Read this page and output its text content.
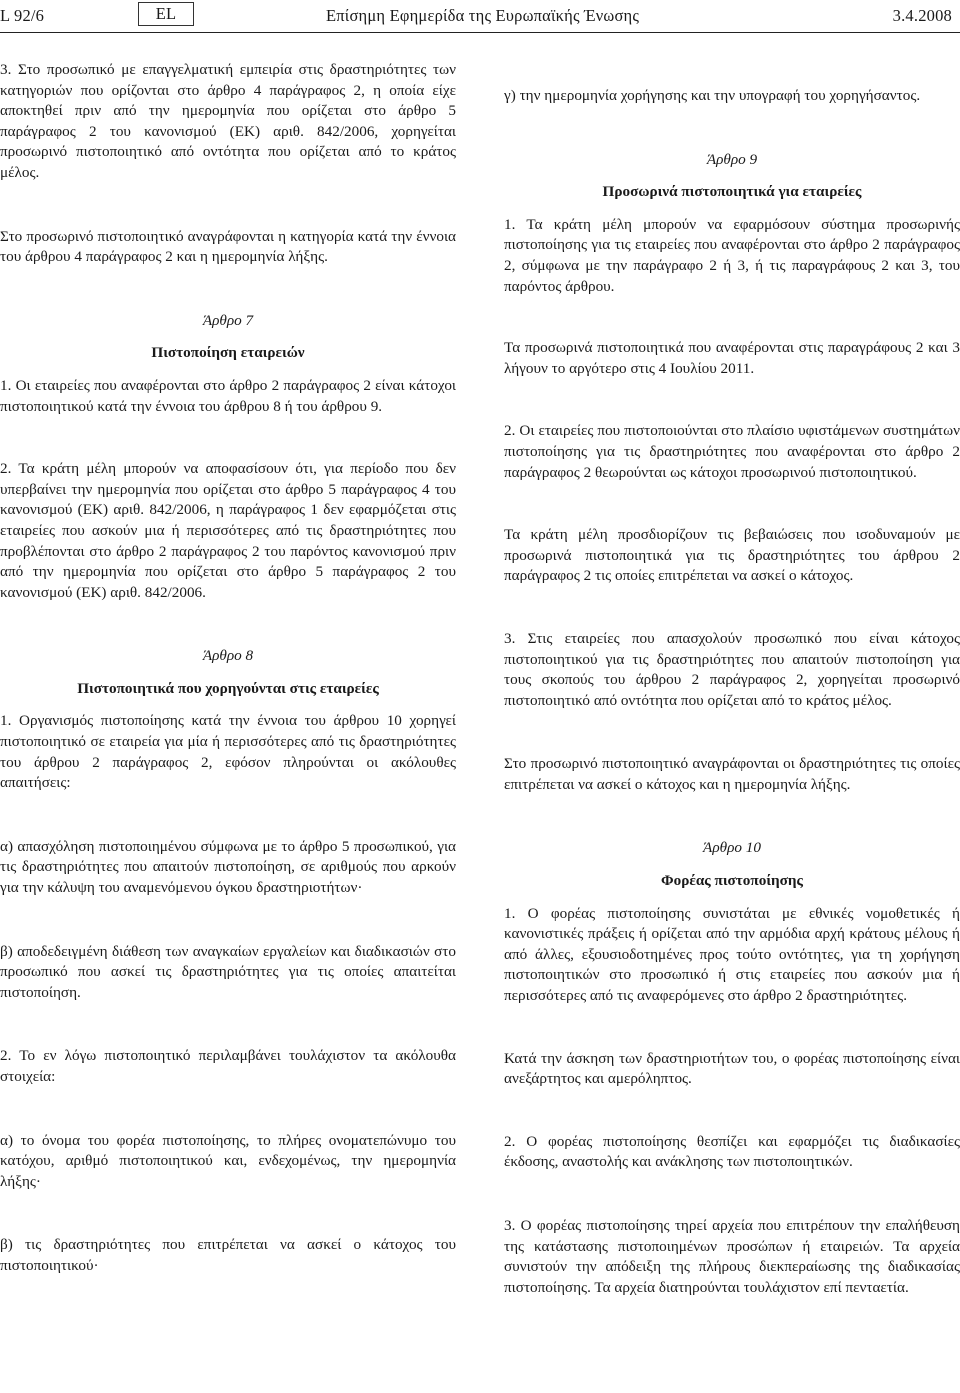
L 92/6	EL	Επίσημη Εφημερίδα της Ευρωπαϊκής Ένωσης	3.4.2008

3. Στο προσωπικό με επαγγελματική εμπειρία στις δραστηριότητες των κατηγοριών που ορίζονται στο άρθρο 4 παράγραφος 2, η οποία είχε αποκτηθεί πριν από την ημερομηνία που ορίζεται στο άρθρο 5 παράγραφος 2 του κανονισμού (ΕΚ) αριθ. 842/2006, χορηγείται προσωρινό πιστοποιητικό από οντότητα που ορίζεται από το κράτος μέλος.

Στο προσωρινό πιστοποιητικό αναγράφονται η κατηγορία κατά την έννοια του άρθρου 4 παράγραφος 2 και η ημερομηνία λήξης.

Άρθρο 7

Πιστοποίηση εταιρειών

1. Οι εταιρείες που αναφέρονται στο άρθρο 2 παράγραφος 2 είναι κάτοχοι πιστοποιητικού κατά την έννοια του άρθρου 8 ή του άρθρου 9.

2. Τα κράτη μέλη μπορούν να αποφασίσουν ότι, για περίοδο που δεν υπερβαίνει την ημερομηνία που ορίζεται στο άρθρο 5 παράγραφος 4 του κανονισμού (ΕΚ) αριθ. 842/2006, η παράγραφος 1 δεν εφαρμόζεται στις εταιρείες που ασκούν μια ή περισσότερες από τις δραστηριότητες που προβλέπονται στο άρθρο 2 παράγραφος 2 του παρόντος κανονισμού πριν από την ημερομηνία που ορίζεται στο άρθρο 5 παράγραφος 2 του κανονισμού (ΕΚ) αριθ. 842/2006.

Άρθρο 8

Πιστοποιητικά που χορηγούνται στις εταιρείες

1. Οργανισμός πιστοποίησης κατά την έννοια του άρθρου 10 χορηγεί πιστοποιητικό σε εταιρεία για μία ή περισσότερες από τις δραστηριότητες του άρθρου 2 παράγραφος 2, εφόσον πληρούνται οι ακόλουθες απαιτήσεις:

α) απασχόληση πιστοποιημένου σύμφωνα με το άρθρο 5 προσωπικού, για τις δραστηριότητες που απαιτούν πιστοποίηση, σε αριθμούς που αρκούν για την κάλυψη του αναμενόμενου όγκου δραστηριοτήτων·

β) αποδεδειγμένη διάθεση των αναγκαίων εργαλείων και διαδικασιών στο προσωπικό που ασκεί τις δραστηριότητες για τις οποίες απαιτείται πιστοποίηση.

2. Το εν λόγω πιστοποιητικό περιλαμβάνει τουλάχιστον τα ακόλουθα στοιχεία:

α) το όνομα του φορέα πιστοποίησης, το πλήρες ονοματεπώνυμο του κατόχου, αριθμό πιστοποιητικού και, ενδεχομένως, την ημερομηνία λήξης·

β) τις δραστηριότητες που επιτρέπεται να ασκεί ο κάτοχος του πιστοποιητικού·

γ) την ημερομηνία χορήγησης και την υπογραφή του χορηγήσαντος.

Άρθρο 9

Προσωρινά πιστοποιητικά για εταιρείες

1. Τα κράτη μέλη μπορούν να εφαρμόσουν σύστημα προσωρινής πιστοποίησης για τις εταιρείες που αναφέρονται στο άρθρο 2 παράγραφος 2, σύμφωνα με την παράγραφο 2 ή 3, ή τις παραγράφους 2 και 3, του παρόντος άρθρου.

Τα προσωρινά πιστοποιητικά που αναφέρονται στις παραγράφους 2 και 3 λήγουν το αργότερο στις 4 Ιουλίου 2011.

2. Οι εταιρείες που πιστοποιούνται στο πλαίσιο υφιστάμενων συστημάτων πιστοποίησης για τις δραστηριότητες που αναφέρονται στο άρθρο 2 παράγραφος 2 θεωρούνται ως κάτοχοι προσωρινού πιστοποιητικού.

Τα κράτη μέλη προσδιορίζουν τις βεβαιώσεις που ισοδυναμούν με προσωρινά πιστοποιητικά για τις δραστηριότητες του άρθρου 2 παράγραφος 2 τις οποίες επιτρέπεται να ασκεί ο κάτοχος.

3. Στις εταιρείες που απασχολούν προσωπικό που είναι κάτοχος πιστοποιητικού για τις δραστηριότητες που απαιτούν πιστοποίηση για τους σκοπούς του άρθρου 2 παράγραφος 2, χορηγείται προσωρινό πιστοποιητικό από οντότητα που ορίζεται από το κράτος μέλος.

Στο προσωρινό πιστοποιητικό αναγράφονται οι δραστηριότητες τις οποίες επιτρέπεται να ασκεί ο κάτοχος και η ημερομηνία λήξης.

Άρθρο 10

Φορέας πιστοποίησης

1. Ο φορέας πιστοποίησης συνιστάται με εθνικές νομοθετικές ή κανονιστικές πράξεις ή ορίζεται από την αρμόδια αρχή κράτους μέλους ή από άλλες, εξουσιοδοτημένες προς τούτο οντότητες, για τη χορήγηση πιστοποιητικών στο προσωπικό ή στις εταιρείες που ασκούν μια ή περισσότερες από τις αναφερόμενες στο άρθρο 2 δραστηριότητες.

Κατά την άσκηση των δραστηριοτήτων του, ο φορέας πιστοποίησης είναι ανεξάρτητος και αμερόληπτος.

2. Ο φορέας πιστοποίησης θεσπίζει και εφαρμόζει τις διαδικασίες έκδοσης, αναστολής και ανάκλησης των πιστοποιητικών.

3. Ο φορέας πιστοποίησης τηρεί αρχεία που επιτρέπουν την επαλήθευση της κατάστασης πιστοποιημένων προσώπων ή εταιρειών. Τα αρχεία συνιστούν την απόδειξη της πλήρους διεκπεραίωσης της διαδικασίας πιστοποίησης. Τα αρχεία διατηρούνται τουλάχιστον επί πενταετία.
